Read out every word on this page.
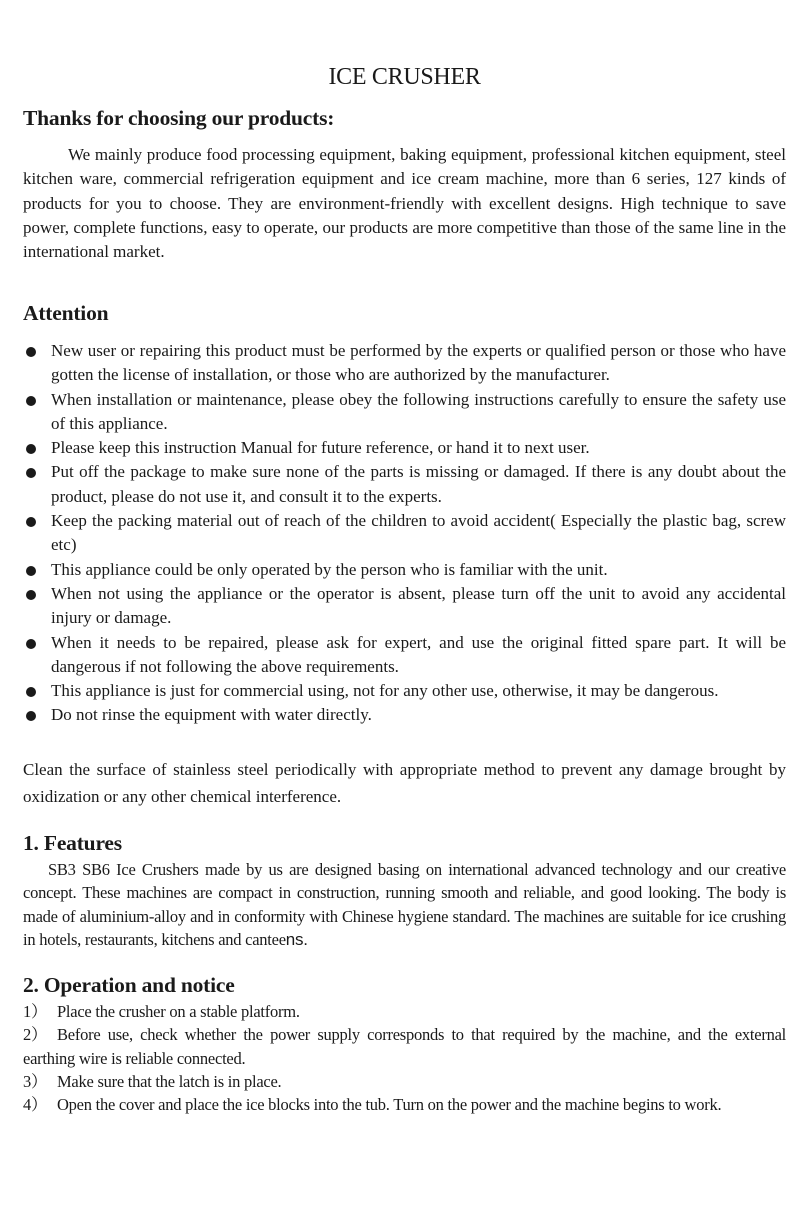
ICE CRUSHER
Thanks for choosing our products:

We mainly produce food processing equipment, baking equipment, professional kitchen equipment, steel kitchen ware, commercial refrigeration equipment and ice cream machine, more than 6 series, 127 kinds of products for you to choose. They are environment-friendly with excellent designs. High technique to save power, complete functions, easy to operate, our products are more competitive than those of the same line in the international market.

Attention
New user or repairing this product must be performed by the experts or qualified person or those who have gotten the license of installation, or those who are authorized by the manufacturer.
When installation or maintenance, please obey the following instructions carefully to ensure the safety use of this appliance.
Please keep this instruction Manual for future reference, or hand it to next user.
Put off the package to make sure none of the parts is missing or damaged. If there is any doubt about the product, please do not use it, and consult it to the experts.
Keep the packing material out of reach of the children to avoid accident( Especially the plastic bag, screw etc)
This appliance could be only operated by the person who is familiar with the unit.
When not using the appliance or the operator is absent, please turn off the unit to avoid any accidental injury or damage.
When it needs to be repaired, please ask for expert, and use the original fitted spare part. It will be dangerous if not following the above requirements.
This appliance is just for commercial using, not for any other use, otherwise, it may be dangerous.
Do not rinse the equipment with water directly.

Clean the surface of stainless steel periodically with appropriate method to prevent any damage brought by oxidization or any other chemical interference.

1. Features

SB3 SB6 Ice Crushers made by us are designed basing on international advanced technology and our creative concept. These machines are compact in construction, running smooth and reliable, and good looking. The body is made of aluminium-alloy and in conformity with Chinese hygiene standard. The machines are suitable for ice crushing in hotels, restaurants, kitchens and canteens.

2. Operation and notice
1） Place the crusher on a stable platform.
2） Before use, check whether the power supply corresponds to that required by the machine, and the external earthing wire is reliable connected.
3） Make sure that the latch is in place.
4） Open the cover and place the ice blocks into the tub. Turn on the power and the machine begins to work.
